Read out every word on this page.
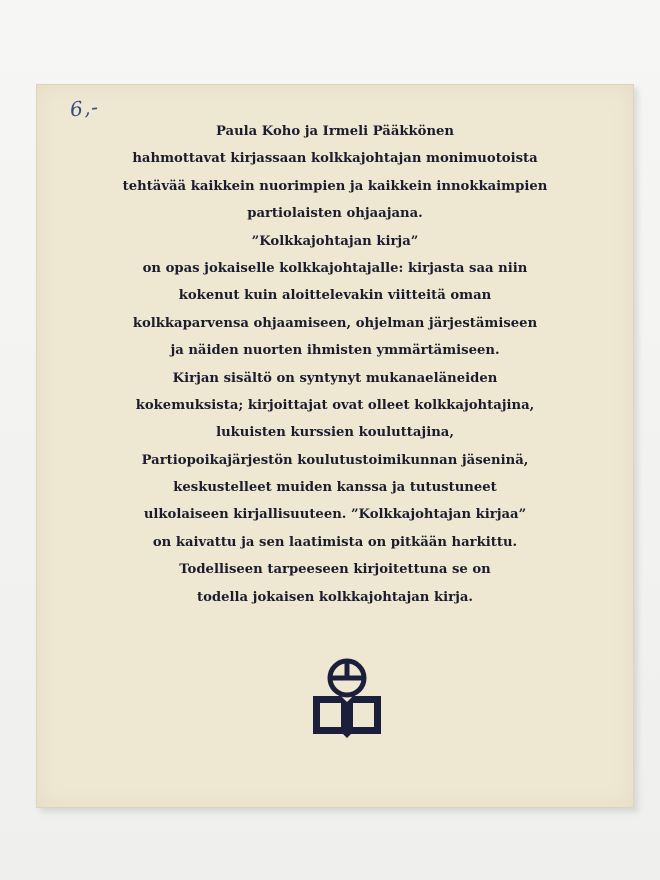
6,-
Paula Koho ja Irmeli Pääkkönen
hahmottavat kirjassaan kolkkajohtajan monimuotoista
tehtävää kaikkein nuorimpien ja kaikkein innokkaimpien
partiolaisten ohjaajana.
”Kolkkajohtajan kirja”
on opas jokaiselle kolkkajohtajalle: kirjasta saa niin
kokenut kuin aloittelevakin viitteitä oman
kolkkaparvensa ohjaamiseen, ohjelman järjestämiseen
ja näiden nuorten ihmisten ymmärtämiseen.
Kirjan sisältö on syntynyt mukanaeläneiden
kokemuksista; kirjoittajat ovat olleet kolkkajohtajina,
lukuisten kurssien kouluttajina,
Partiopoikajärjestön koulutustoimikunnan jäseninä,
keskustelleet muiden kanssa ja tutustuneet
ulkolaiseen kirjallisuuteen. ”Kolkkajohtajan kirjaa”
on kaivattu ja sen laatimista on pitkään harkittu.
Todelliseen tarpeeseen kirjoitettuna se on
todella jokaisen kolkkajohtajan kirja.
